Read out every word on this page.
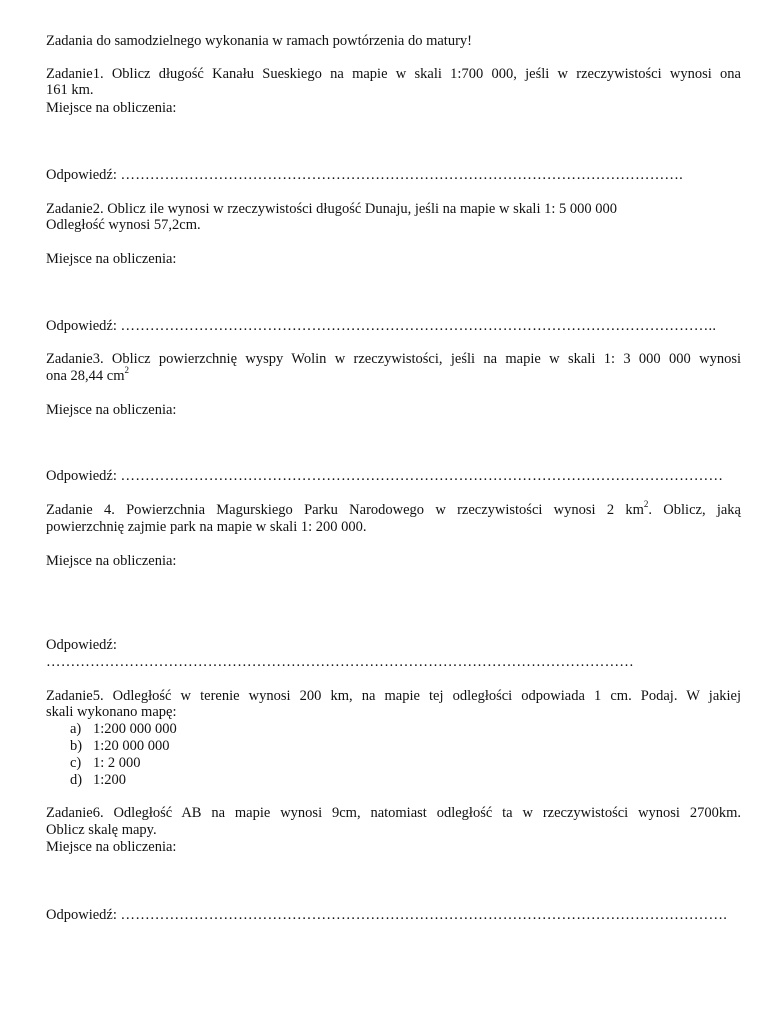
Zadania do samodzielnego wykonania w ramach powtórzenia do matury!

Zadanie1. Oblicz długość Kanału Sueskiego na mapie w skali 1:700 000, jeśli w rzeczywistości wynosi ona

161 km.

Miejsce na obliczenia:

Odpowiedź: …………………………………………………………………………………………………….

Zadanie2. Oblicz ile wynosi w rzeczywistości długość Dunaju, jeśli na mapie w skali 1: 5 000 000

Odległość wynosi 57,2cm.

Miejsce na obliczenia:

Odpowiedź: …………………………………………………………………………………………………………..

Zadanie3. Oblicz powierzchnię wyspy Wolin w rzeczywistości, jeśli na mapie w skali 1: 3 000 000 wynosi

ona 28,44 $cm^2$

Miejsce na obliczenia:

Odpowiedź: ……………………………………………………………………………………………………………

Zadanie 4. Powierzchnia Magurskiego Parku Narodowego w rzeczywistości wynosi 2 $km^2$. Oblicz, jaką

powierzchnię zajmie park na mapie w skali 1: 200 000.

Miejsce na obliczenia:

Odpowiedź:

…………………………………………………………………………………………………………

Zadanie5. Odległość w terenie wynosi 200 km, na mapie tej odległości odpowiada 1 cm. Podaj. W jakiej

skali wykonano mapę:

a) 1:200 000 000
b) 1:20 000 000
c) 1: 2 000
d) 1:200

Zadanie6. Odległość AB na mapie wynosi 9cm, natomiast odległość ta w rzeczywistości wynosi 2700km.

Oblicz skalę mapy.

Miejsce na obliczenia:

Odpowiedź: …………………………………………………………………………………………………………….
